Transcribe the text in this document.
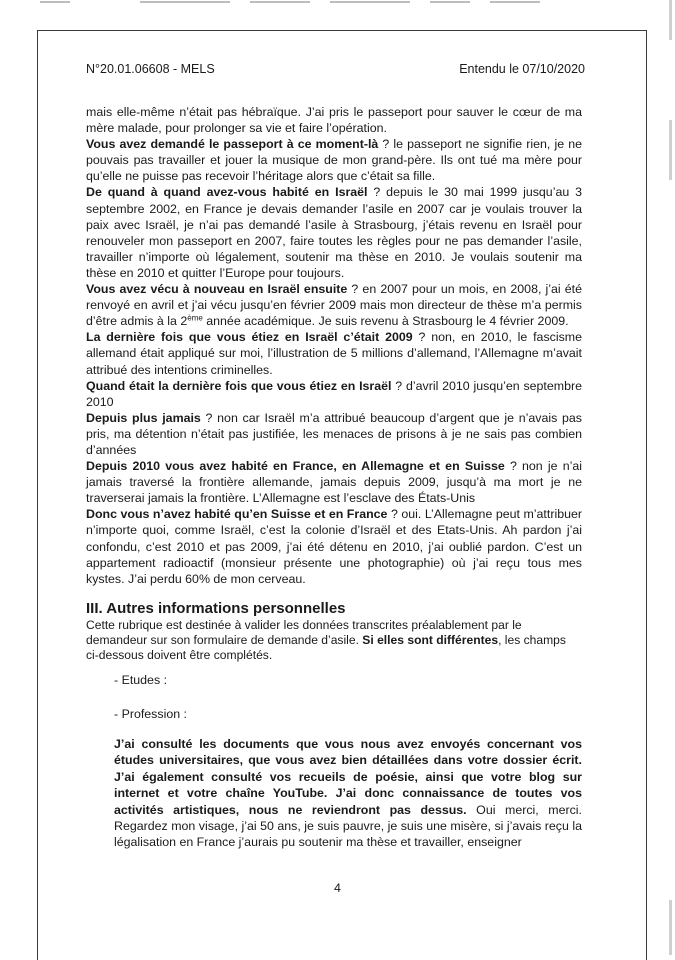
N°20.01.06608 - MELS	Entendu le 07/10/2020

mais elle-même n’était pas hébraïque. J’ai pris le passeport pour sauver le cœur de ma mère malade, pour prolonger sa vie et faire l’opération.

Vous avez demandé le passeport à ce moment-là ? le passeport ne signifie rien, je ne pouvais pas travailler et jouer la musique de mon grand-père. Ils ont tué ma mère pour qu’elle ne puisse pas recevoir l’héritage alors que c’était sa fille.

De quand à quand avez-vous habité en Israël ? depuis le 30 mai 1999 jusqu’au 3 septembre 2002, en France je devais demander l’asile en 2007 car je voulais trouver la paix avec Israël, je n’ai pas demandé l’asile à Strasbourg, j’étais revenu en Israël pour renouveler mon passeport en 2007, faire toutes les règles pour ne pas demander l’asile, travailler n’importe où légalement, soutenir ma thèse en 2010. Je voulais soutenir ma thèse en 2010 et quitter l’Europe pour toujours.

Vous avez vécu à nouveau en Israël ensuite ? en 2007 pour un mois, en 2008, j’ai été renvoyé en avril et j’ai vécu jusqu’en février 2009 mais mon directeur de thèse m’a permis d’être admis à la 2ème année académique. Je suis revenu à Strasbourg le 4 février 2009.

La dernière fois que vous étiez en Israël c’était 2009 ? non, en 2010, le fascisme allemand était appliqué sur moi, l’illustration de 5 millions d’allemand, l’Allemagne m’avait attribué des intentions criminelles.

Quand était la dernière fois que vous étiez en Israël ? d’avril 2010 jusqu’en septembre 2010

Depuis plus jamais ? non car Israël m’a attribué beaucoup d’argent que je n’avais pas pris, ma détention n’était pas justifiée, les menaces de prisons à je ne sais pas combien d’années

Depuis 2010 vous avez habité en France, en Allemagne et en Suisse ? non je n’ai jamais traversé la frontière allemande, jamais depuis 2009, jusqu’à ma mort je ne traverserai jamais la frontière. L’Allemagne est l’esclave des États-Unis

Donc vous n’avez habité qu’en Suisse et en France ? oui. L’Allemagne peut m’attribuer n’importe quoi, comme Israël, c’est la colonie d’Israël et des Etats-Unis. Ah pardon j’ai confondu, c’est 2010 et pas 2009, j’ai été détenu en 2010, j’ai oublié pardon. C’est un appartement radioactif (monsieur présente une photographie) où j’ai reçu tous mes kystes. J’ai perdu 60% de mon cerveau.

III. Autres informations personnelles
Cette rubrique est destinée à valider les données transcrites préalablement par le demandeur sur son formulaire de demande d’asile. Si elles sont différentes, les champs ci-dessous doivent être complétés.
- Etudes :
- Profession :
J’ai consulté les documents que vous nous avez envoyés concernant vos études universitaires, que vous avez bien détaillées dans votre dossier écrit. J’ai également consulté vos recueils de poésie, ainsi que votre blog sur internet et votre chaîne YouTube. J’ai donc connaissance de toutes vos activités artistiques, nous ne reviendront pas dessus. Oui merci, merci. Regardez mon visage, j’ai 50 ans, je suis pauvre, je suis une misère, si j’avais reçu la légalisation en France j’aurais pu soutenir ma thèse et travailler, enseigner
4
